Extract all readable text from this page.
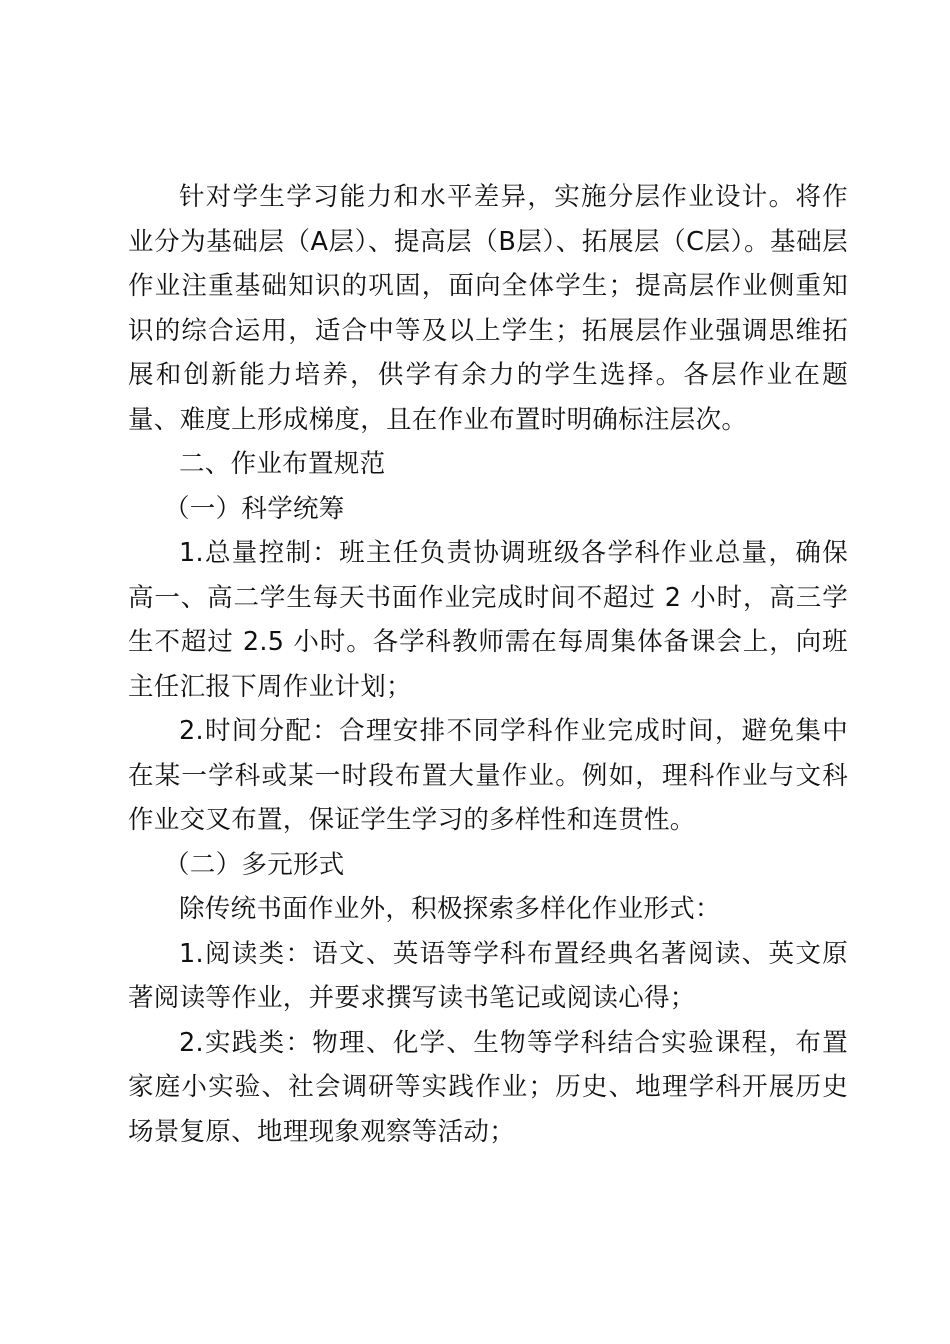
针对学生学习能力和水平差异，实施分层作业设计。将作业分为基础层（A层）、提高层（B层）、拓展层（C层）。基础层作业注重基础知识的巩固，面向全体学生；提高层作业侧重知识的综合运用，适合中等及以上学生；拓展层作业强调思维拓展和创新能力培养，供学有余力的学生选择。各层作业在题量、难度上形成梯度，且在作业布置时明确标注层次。

二、作业布置规范

（一）科学统筹

1.总量控制：班主任负责协调班级各学科作业总量，确保高一、高二学生每天书面作业完成时间不超过 2 小时，高三学生不超过 2.5 小时。各学科教师需在每周集体备课会上，向班主任汇报下周作业计划；

2.时间分配：合理安排不同学科作业完成时间，避免集中在某一学科或某一时段布置大量作业。例如，理科作业与文科作业交叉布置，保证学生学习的多样性和连贯性。

（二）多元形式

除传统书面作业外，积极探索多样化作业形式：

1.阅读类：语文、英语等学科布置经典名著阅读、英文原著阅读等作业，并要求撰写读书笔记或阅读心得；

2.实践类：物理、化学、生物等学科结合实验课程，布置家庭小实验、社会调研等实践作业；历史、地理学科开展历史场景复原、地理现象观察等活动；
